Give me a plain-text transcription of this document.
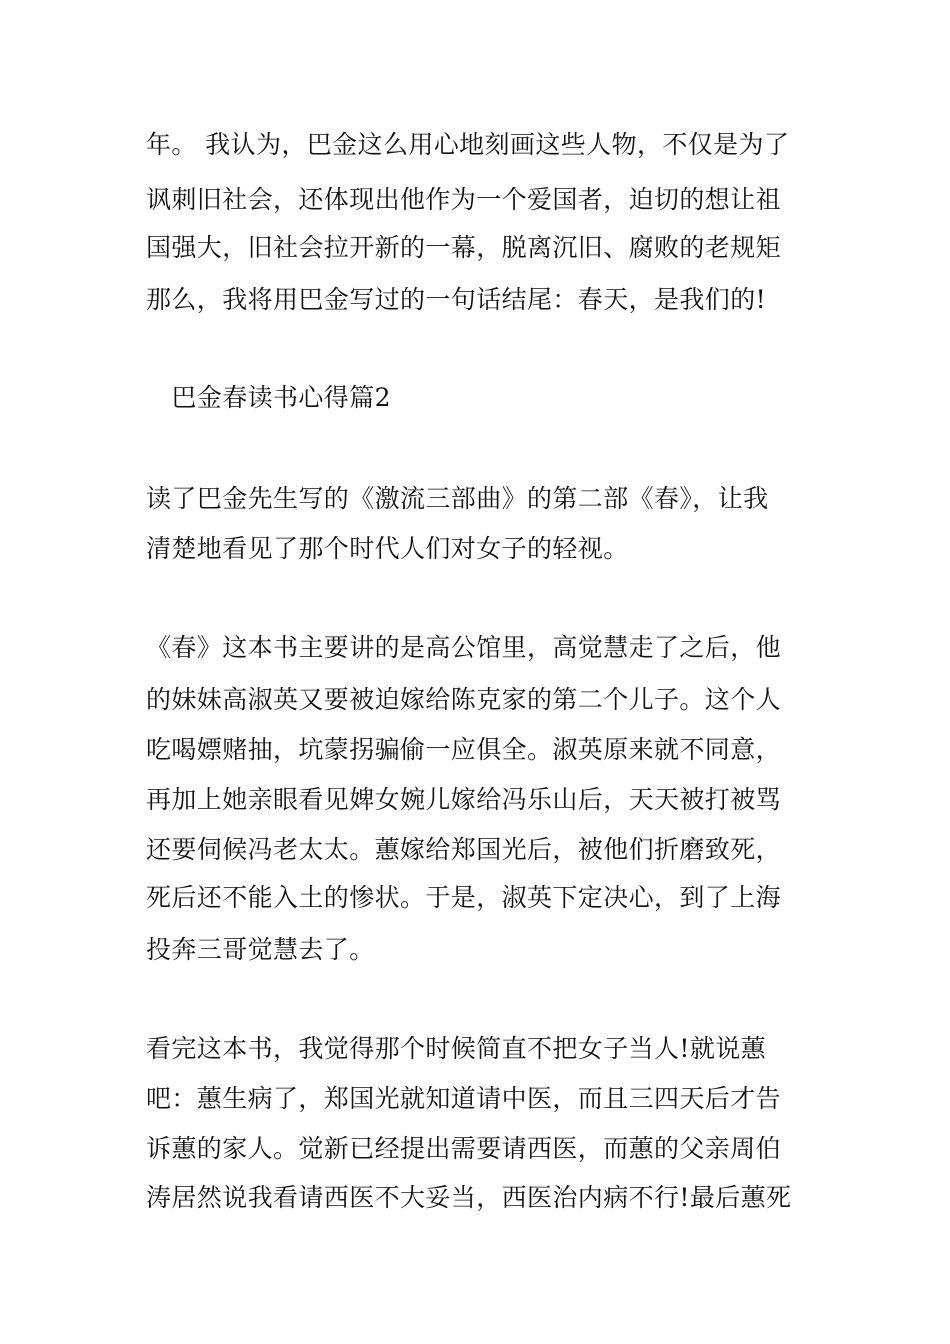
年。 我认为，巴金这么用心地刻画这些人物，不仅是为了
讽刺旧社会，还体现出他作为一个爱国者，迫切的想让祖
国强大，旧社会拉开新的一幕，脱离沉旧、腐败的老规矩
那么，我将用巴金写过的一句话结尾：春天，是我们的!
　巴金春读书心得篇2
读了巴金先生写的《激流三部曲》的第二部《春》，让我
清楚地看见了那个时代人们对女子的轻视。
《春》这本书主要讲的是高公馆里，高觉慧走了之后，他
的妹妹高淑英又要被迫嫁给陈克家的第二个儿子。这个人
吃喝嫖赌抽，坑蒙拐骗偷一应俱全。淑英原来就不同意，
再加上她亲眼看见婢女婉儿嫁给冯乐山后，天天被打被骂
还要伺候冯老太太。蕙嫁给郑国光后，被他们折磨致死，
死后还不能入土的惨状。于是，淑英下定决心，到了上海
投奔三哥觉慧去了。
看完这本书，我觉得那个时候简直不把女子当人!就说蕙
吧：蕙生病了，郑国光就知道请中医，而且三四天后才告
诉蕙的家人。觉新已经提出需要请西医，而蕙的父亲周伯
涛居然说我看请西医不大妥当，西医治内病不行!最后蕙死
